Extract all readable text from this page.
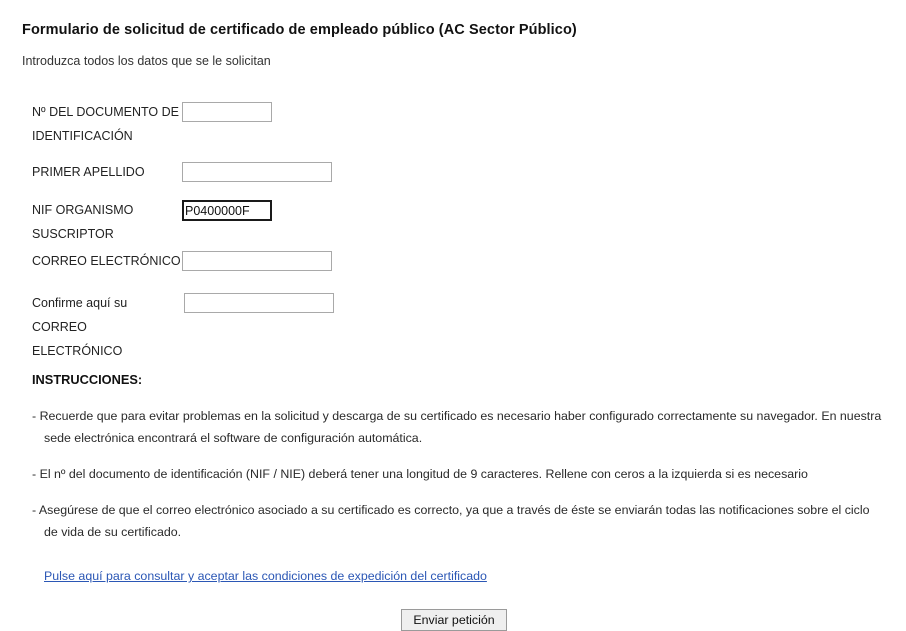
Formulario de solicitud de certificado de empleado público (AC Sector Público)
Introduzca todos los datos que se le solicitan
Nº DEL DOCUMENTO DE
IDENTIFICACIÓN
PRIMER APELLIDO
NIF ORGANISMO
SUSCRIPTOR
P0400000F
CORREO ELECTRÓNICO
Confirme aquí su CORREO
ELECTRÓNICO
INSTRUCCIONES:
- Recuerde que para evitar problemas en la solicitud y descarga de su certificado es necesario haber configurado correctamente su navegador. En nuestra sede electrónica encontrará el software de configuración automática.
- El nº del documento de identificación (NIF / NIE) deberá tener una longitud de 9 caracteres. Rellene con ceros a la izquierda si es necesario
- Asegúrese de que el correo electrónico asociado a su certificado es correcto, ya que a través de éste se enviarán todas las notificaciones sobre el ciclo de vida de su certificado.
Pulse aquí para consultar y aceptar las condiciones de expedición del certificado
Enviar petición
